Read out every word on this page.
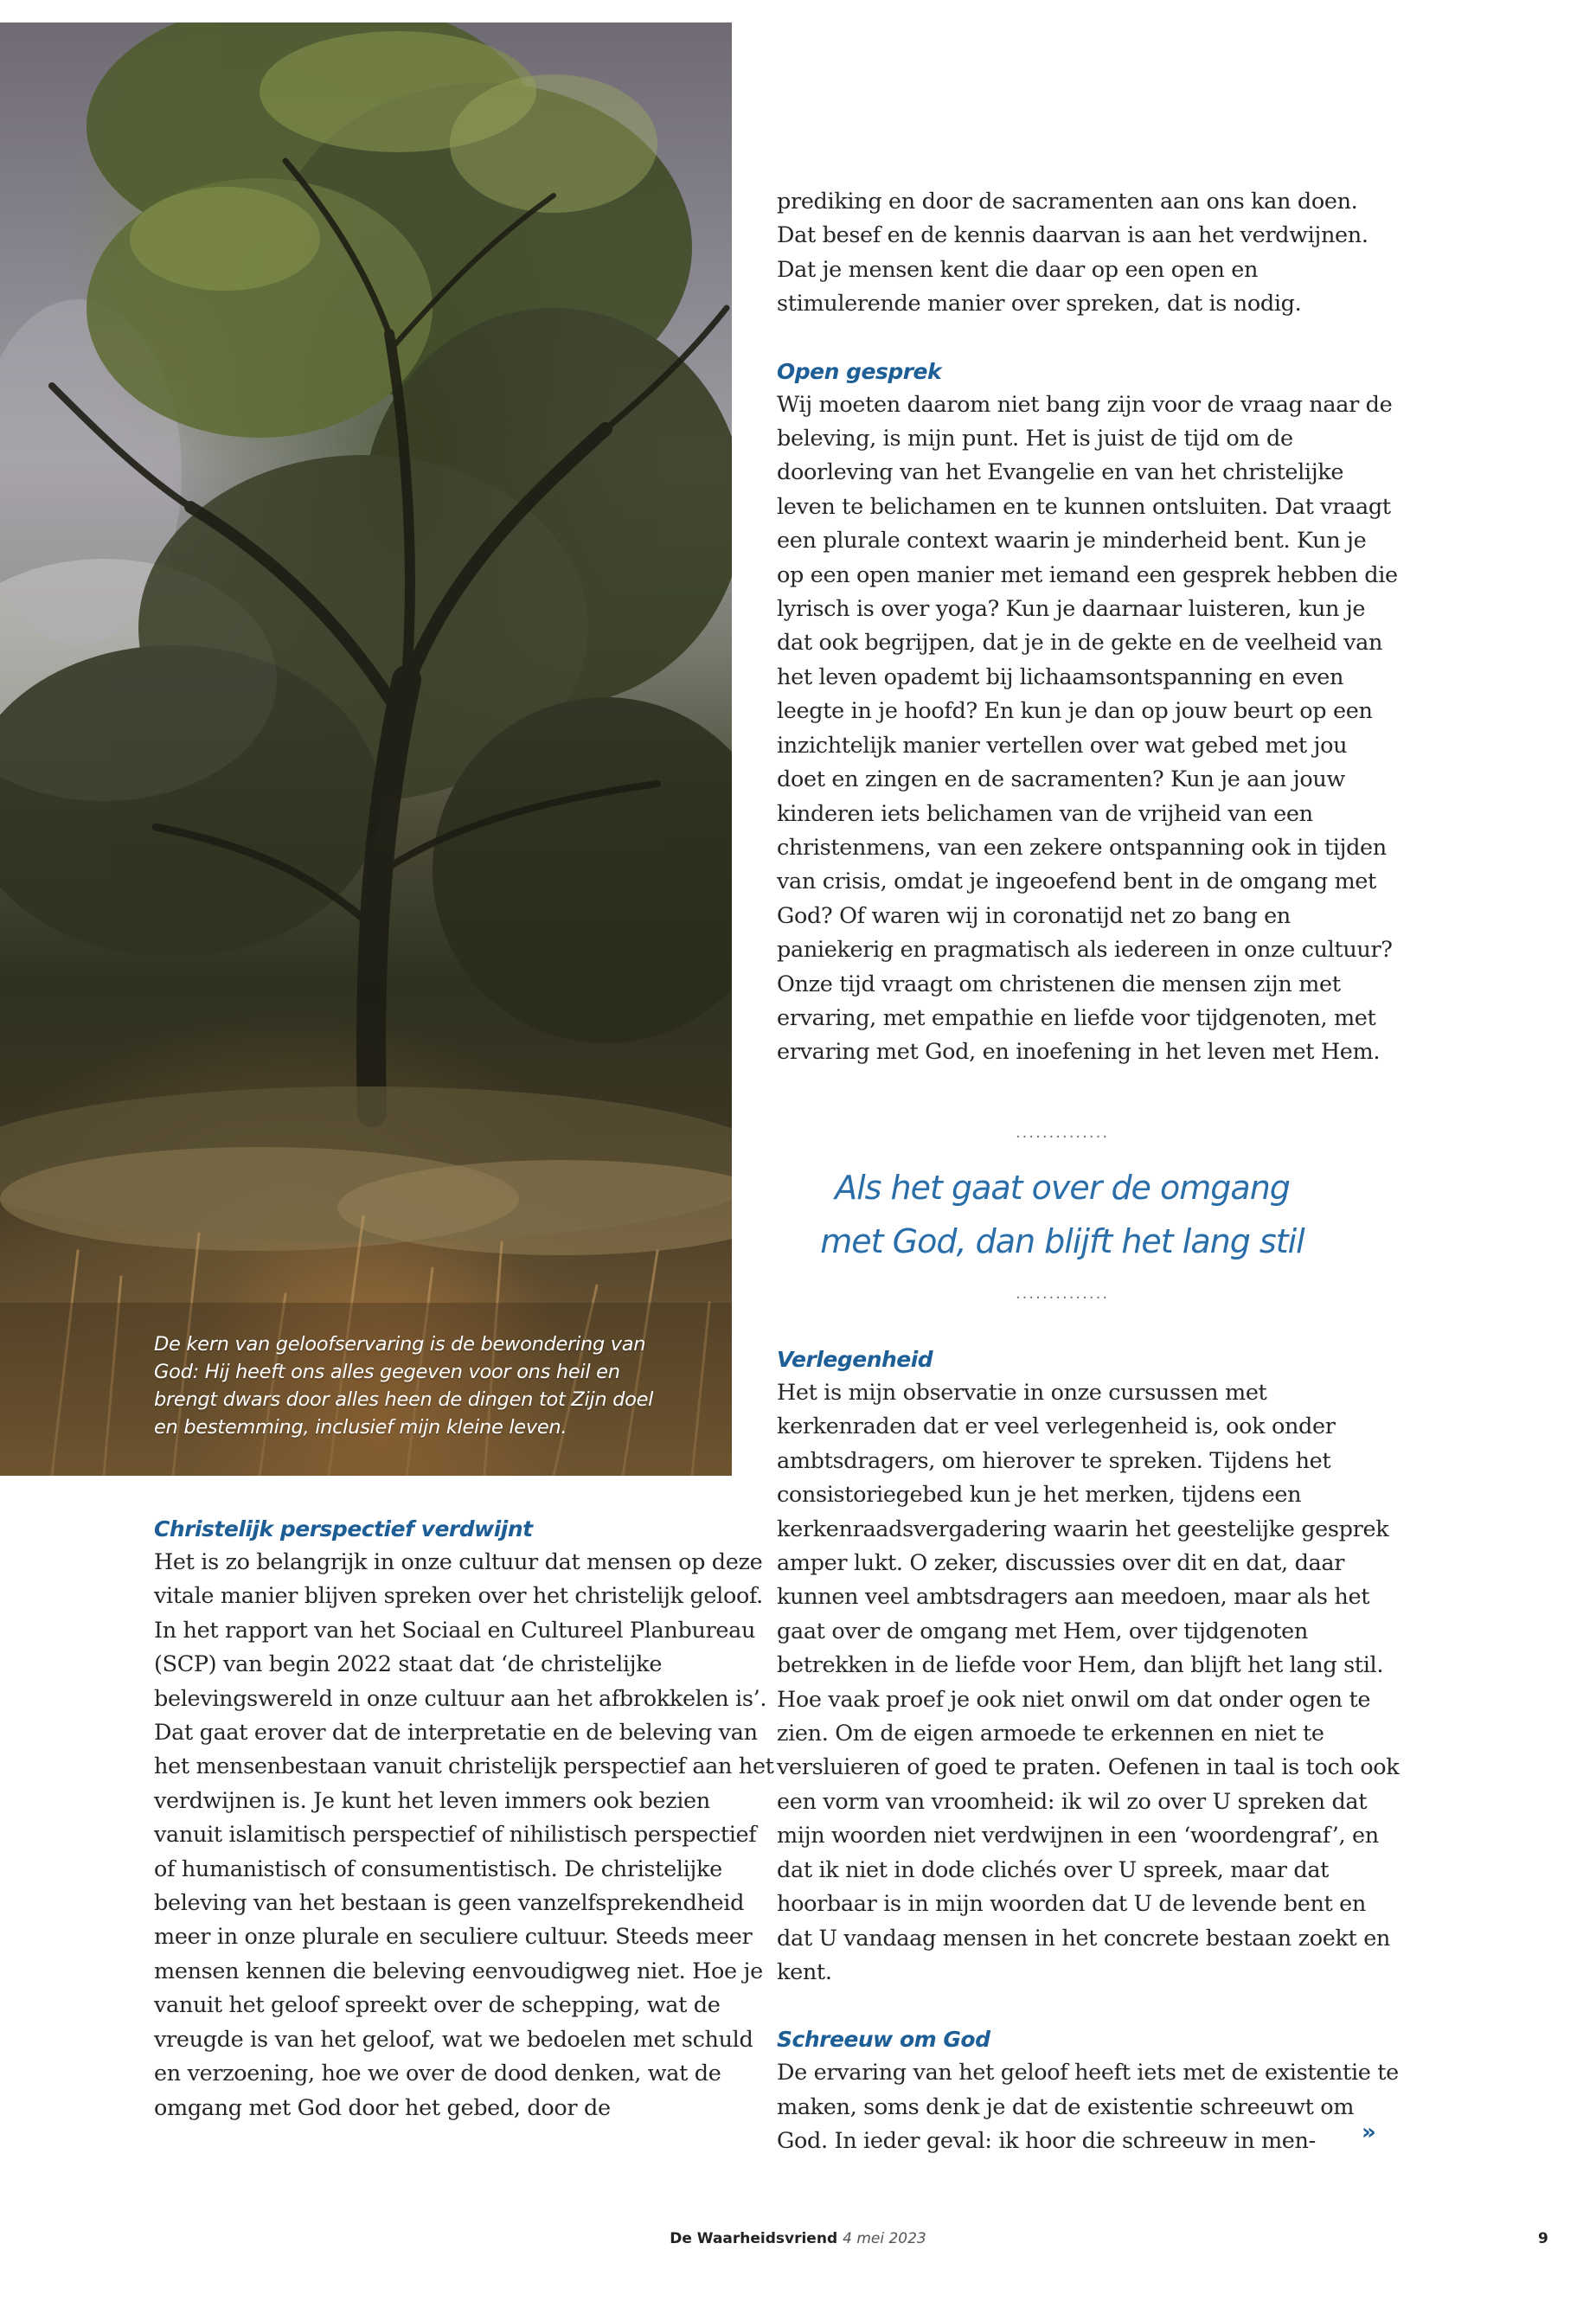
De kern van geloofservaring is de bewondering van God: Hij heeft ons alles gegeven voor ons heil en brengt dwars door alles heen de dingen tot Zijn doel en bestemming, inclusief mijn kleine leven.

prediking en door de sacramenten aan ons kan doen. Dat besef en de kennis daarvan is aan het verdwijnen. Dat je mensen kent die daar op een open en stimulerende manier over spreken, dat is nodig.

Open gesprek

Wij moeten daarom niet bang zijn voor de vraag naar de beleving, is mijn punt. Het is juist de tijd om de doorleving van het Evangelie en van het christelijke leven te belichamen en te kunnen ontsluiten. Dat vraagt een plurale context waarin je minderheid bent. Kun je op een open manier met iemand een gesprek hebben die lyrisch is over yoga? Kun je daarnaar luisteren, kun je dat ook begrijpen, dat je in de gekte en de veelheid van het leven opademt bij lichaamsontspanning en even leegte in je hoofd? En kun je dan op jouw beurt op een inzichtelijk manier vertellen over wat gebed met jou doet en zingen en de sacramenten? Kun je aan jouw kinderen iets belichamen van de vrijheid van een christenmens, van een zekere ontspanning ook in tijden van crisis, omdat je ingeoefend bent in de omgang met God? Of waren wij in coronatijd net zo bang en paniekerig en pragmatisch als iedereen in onze cultuur? Onze tijd vraagt om christenen die mensen zijn met ervaring, met empathie en liefde voor tijdgenoten, met ervaring met God, en inoefening in het leven met Hem.

..............
Als het gaat over de omgang
met God, dan blijft het lang stil
..............
Verlegenheid

Het is mijn observatie in onze cursussen met kerkenraden dat er veel verlegenheid is, ook onder ambtsdragers, om hierover te spreken. Tijdens het consistoriegebed kun je het merken, tijdens een kerkenraadsvergadering waarin het geestelijke gesprek amper lukt. O zeker, discussies over dit en dat, daar kunnen veel ambtsdragers aan meedoen, maar als het gaat over de omgang met Hem, over tijdgenoten betrekken in de liefde voor Hem, dan blijft het lang stil. Hoe vaak proef je ook niet onwil om dat onder ogen te zien. Om de eigen armoede te erkennen en niet te versluieren of goed te praten. Oefenen in taal is toch ook een vorm van vroomheid: ik wil zo over U spreken dat mijn woorden niet verdwijnen in een ‘woordengraf’, en dat ik niet in dode clichés over U spreek, maar dat hoorbaar is in mijn woorden dat U de levende bent en dat U vandaag mensen in het concrete bestaan zoekt en kent.

Schreeuw om God

De ervaring van het geloof heeft iets met de existentie te maken, soms denk je dat de existentie schreeuwt om God. In ieder geval: ik hoor die schreeuw in men-	»
Christelijk perspectief verdwijnt

Het is zo belangrijk in onze cultuur dat mensen op deze vitale manier blijven spreken over het christelijk geloof. In het rapport van het Sociaal en Cultureel Planbureau (SCP) van begin 2022 staat dat ‘de christelijke belevingswereld in onze cultuur aan het afbrokkelen is’. Dat gaat erover dat de interpretatie en de beleving van het mensenbestaan vanuit christelijk perspectief aan het verdwijnen is. Je kunt het leven immers ook bezien vanuit islamitisch perspectief of nihilistisch perspectief of humanistisch of consumentistisch. De christelijke beleving van het bestaan is geen vanzelfsprekendheid meer in onze plurale en seculiere cultuur. Steeds meer mensen kennen die beleving eenvoudigweg niet. Hoe je vanuit het geloof spreekt over de schepping, wat de vreugde is van het geloof, wat we bedoelen met schuld en verzoening, hoe we over de dood denken, wat de omgang met God door het gebed, door de

De Waarheidsvriend 4 mei 2023	9
